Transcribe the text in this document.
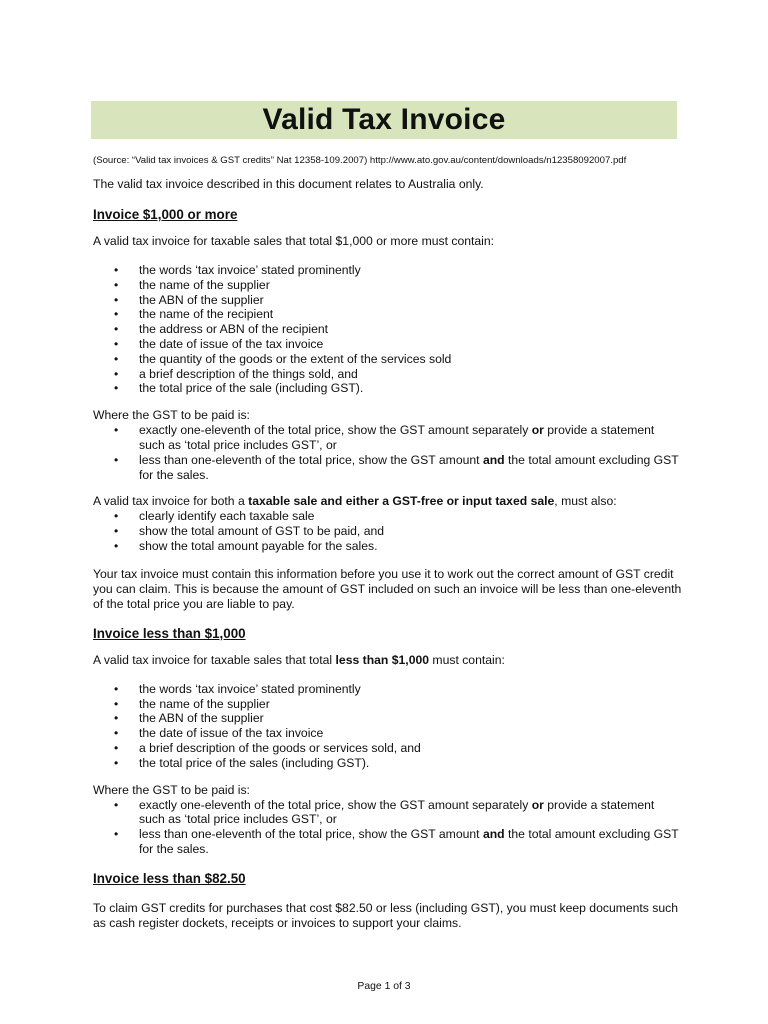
Valid Tax Invoice

(Source: “Valid tax invoices & GST credits” Nat 12358-109.2007) http://www.ato.gov.au/content/downloads/n12358092007.pdf

The valid tax invoice described in this document relates to Australia only.

Invoice $1,000 or more

A valid tax invoice for taxable sales that total $1,000 or more must contain:

• the words ‘tax invoice’ stated prominently
• the name of the supplier
• the ABN of the supplier
• the name of the recipient
• the address or ABN of the recipient
• the date of issue of the tax invoice
• the quantity of the goods or the extent of the services sold
• a brief description of the things sold, and
• the total price of the sale (including GST).

Where the GST to be paid is:

• exactly one-eleventh of the total price, show the GST amount separately or provide a statement such as ‘total price includes GST’, or
• less than one-eleventh of the total price, show the GST amount and the total amount excluding GST for the sales.

A valid tax invoice for both a taxable sale and either a GST-free or input taxed sale, must also:

• clearly identify each taxable sale
• show the total amount of GST to be paid, and
• show the total amount payable for the sales.

Your tax invoice must contain this information before you use it to work out the correct amount of GST credit you can claim. This is because the amount of GST included on such an invoice will be less than one-eleventh of the total price you are liable to pay.

Invoice less than $1,000

A valid tax invoice for taxable sales that total less than $1,000 must contain:

• the words ‘tax invoice’ stated prominently
• the name of the supplier
• the ABN of the supplier
• the date of issue of the tax invoice
• a brief description of the goods or services sold, and
• the total price of the sales (including GST).

Where the GST to be paid is:

• exactly one-eleventh of the total price, show the GST amount separately or provide a statement such as ‘total price includes GST’, or
• less than one-eleventh of the total price, show the GST amount and the total amount excluding GST for the sales.
Invoice less than $82.50

To claim GST credits for purchases that cost $82.50 or less (including GST), you must keep documents such as cash register dockets, receipts or invoices to support your claims.

Page 1 of 3
